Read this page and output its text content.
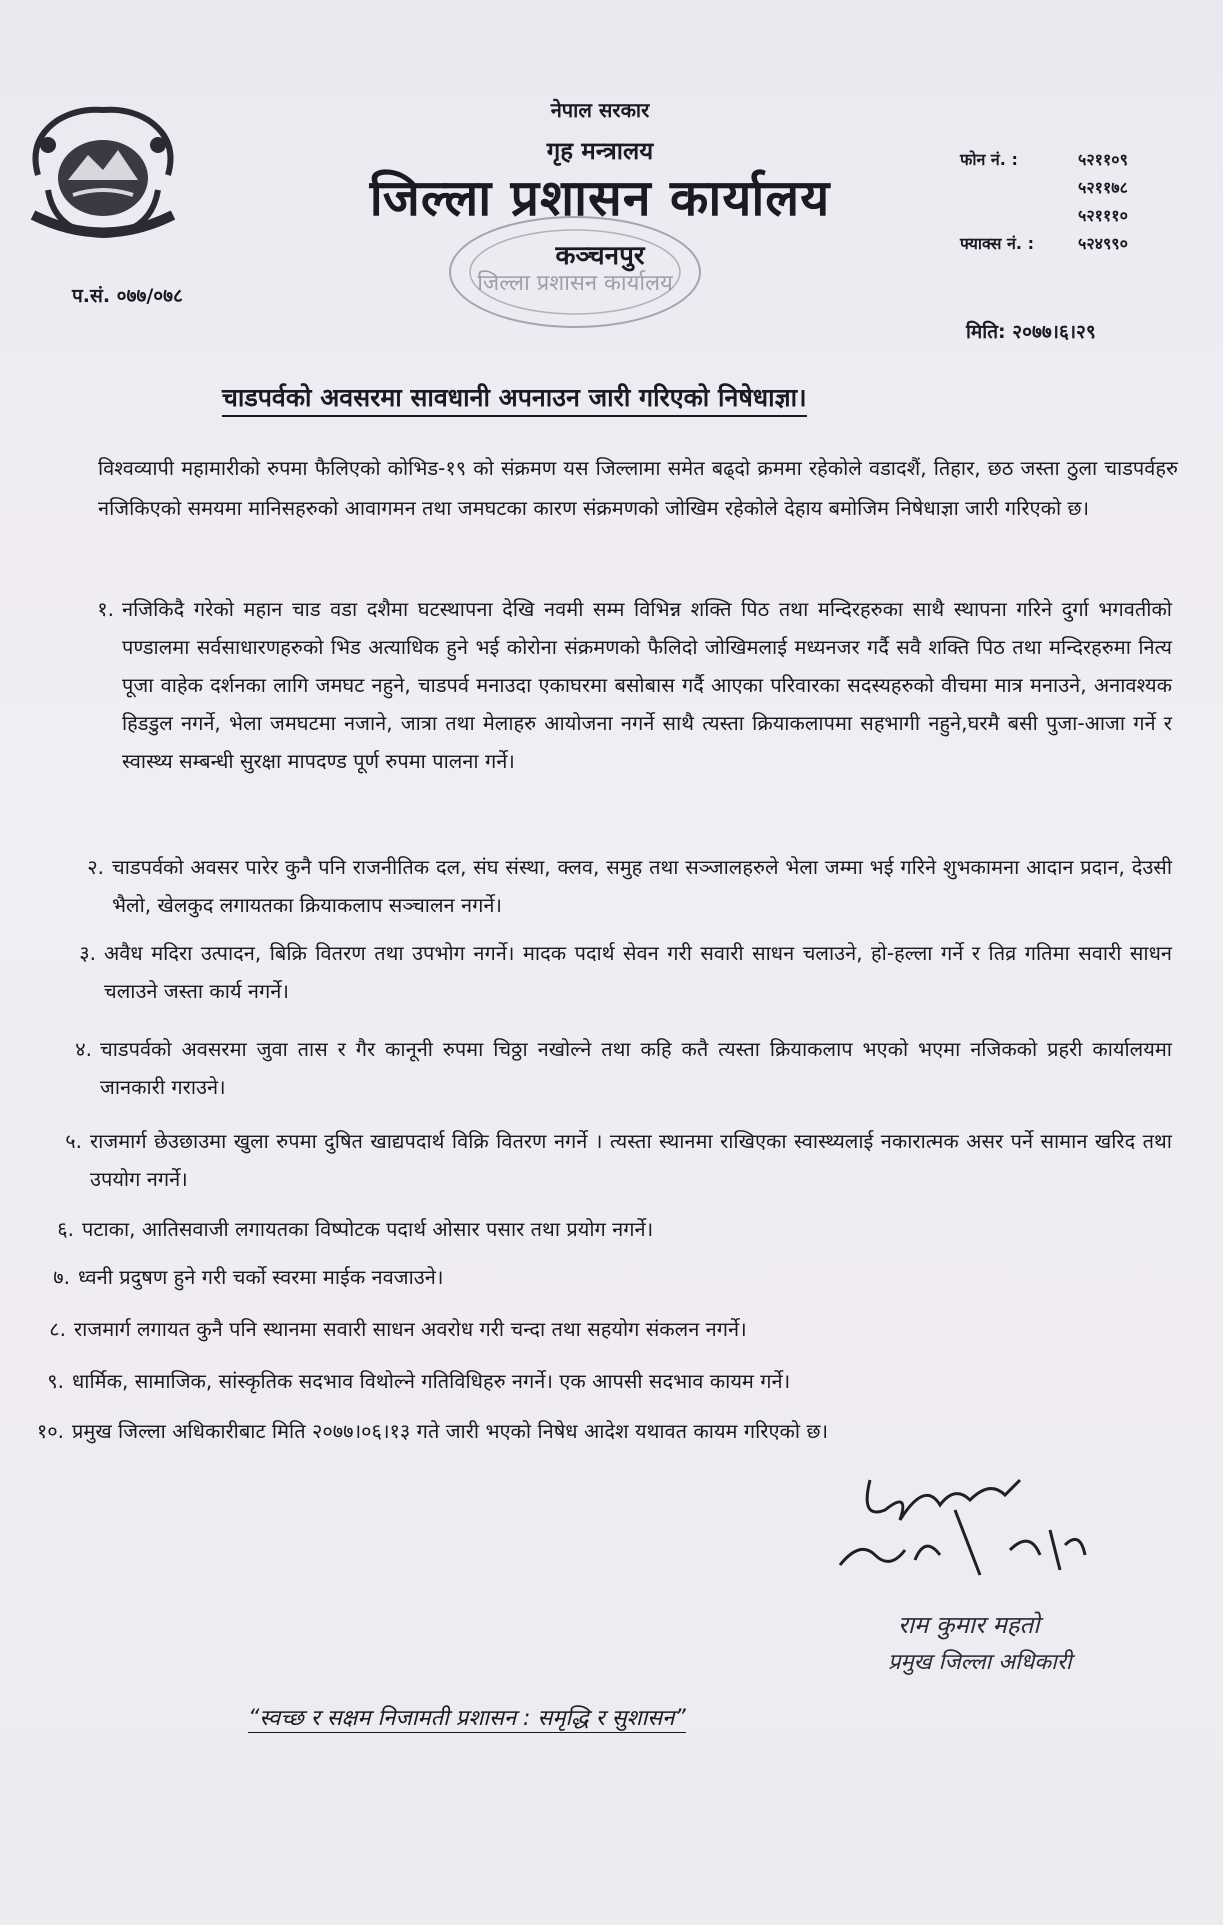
नेपाल सरकार
गृह मन्त्रालय
जिल्ला प्रशासन कार्यालय
जिल्ला प्रशासन कार्यालय
कञ्चनपुर
फोन नं. :	५२११०९
५२११७८
५२१११०
फ्याक्स नं. :	५२४९९०
प.सं. ०७७/०७८
मिति: २०७७।६।२९
चाडपर्वको अवसरमा सावधानी अपनाउन जारी गरिएको निषेधाज्ञा।
विश्वव्यापी महामारीको रुपमा फैलिएको कोभिड-१९ को संक्रमण यस जिल्लामा समेत बढ्दो क्रममा रहेकोले वडादशैं, तिहार, छठ जस्ता ठुला चाडपर्वहरु नजिकिएको समयमा मानिसहरुको आवागमन तथा जमघटका कारण संक्रमणको जोखिम रहेकोले देहाय बमोजिम निषेधाज्ञा जारी गरिएको छ।
१. नजिकिदै गरेको महान चाड वडा दशैमा घटस्थापना देखि नवमी सम्म विभिन्न शक्ति पिठ तथा मन्दिरहरुका साथै स्थापना गरिने दुर्गा भगवतीको पण्डालमा सर्वसाधारणहरुको भिड अत्याधिक हुने भई कोरोना संक्रमणको फैलिदो जोखिमलाई मध्यनजर गर्दै सवै शक्ति पिठ तथा मन्दिरहरुमा नित्य पूजा वाहेक दर्शनका लागि जमघट नहुने, चाडपर्व मनाउदा एकाघरमा बसोबास गर्दै आएका परिवारका सदस्यहरुको वीचमा मात्र मनाउने, अनावश्यक हिडडुल नगर्ने, भेला जमघटमा नजाने, जात्रा तथा मेलाहरु आयोजना नगर्ने साथै त्यस्ता क्रियाकलापमा सहभागी नहुने,घरमै बसी पुजा-आजा गर्ने र स्वास्थ्य सम्बन्धी सुरक्षा मापदण्ड पूर्ण रुपमा पालना गर्ने।
२. चाडपर्वको अवसर पारेर कुनै पनि राजनीतिक दल, संघ संस्था, क्लव, समुह तथा सञ्जालहरुले भेला जम्मा भई गरिने शुभकामना आदान प्रदान, देउसी भैलो, खेलकुद लगायतका क्रियाकलाप सञ्चालन नगर्ने।
३. अवैध मदिरा उत्पादन, बिक्रि वितरण तथा उपभोग नगर्ने। मादक पदार्थ सेवन गरी सवारी साधन चलाउने, हो-हल्ला गर्ने र तिव्र गतिमा सवारी साधन चलाउने जस्ता कार्य नगर्ने।
४. चाडपर्वको अवसरमा जुवा तास र गैर कानूनी रुपमा चिठ्ठा नखोल्ने तथा कहि कतै त्यस्ता क्रियाकलाप भएको भएमा नजिकको प्रहरी कार्यालयमा जानकारी गराउने।
५. राजमार्ग छेउछाउमा खुला रुपमा दुषित खाद्यपदार्थ विक्रि वितरण नगर्ने । त्यस्ता स्थानमा राखिएका स्वास्थ्यलाई नकारात्मक असर पर्ने सामान खरिद तथा उपयोग नगर्ने।
६. पटाका, आतिसवाजी लगायतका विष्पोटक पदार्थ ओसार पसार तथा प्रयोग नगर्ने।
७. ध्वनी प्रदुषण हुने गरी चर्को स्वरमा माईक नवजाउने।
८. राजमार्ग लगायत कुनै पनि स्थानमा सवारी साधन अवरोध गरी चन्दा तथा सहयोग संकलन नगर्ने।
९. धार्मिक, सामाजिक, सांस्कृतिक सदभाव विथोल्ने गतिविधिहरु नगर्ने। एक आपसी सदभाव कायम गर्ने।
१०. प्रमुख जिल्ला अधिकारीबाट मिति २०७७।०६।१३ गते जारी भएको निषेध आदेश यथावत कायम गरिएको छ।
२०७७ ६।२९
राम कुमार महतो
प्रमुख जिल्ला अधिकारी
“स्वच्छ र सक्षम निजामती प्रशासन : समृद्धि र सुशासन”
